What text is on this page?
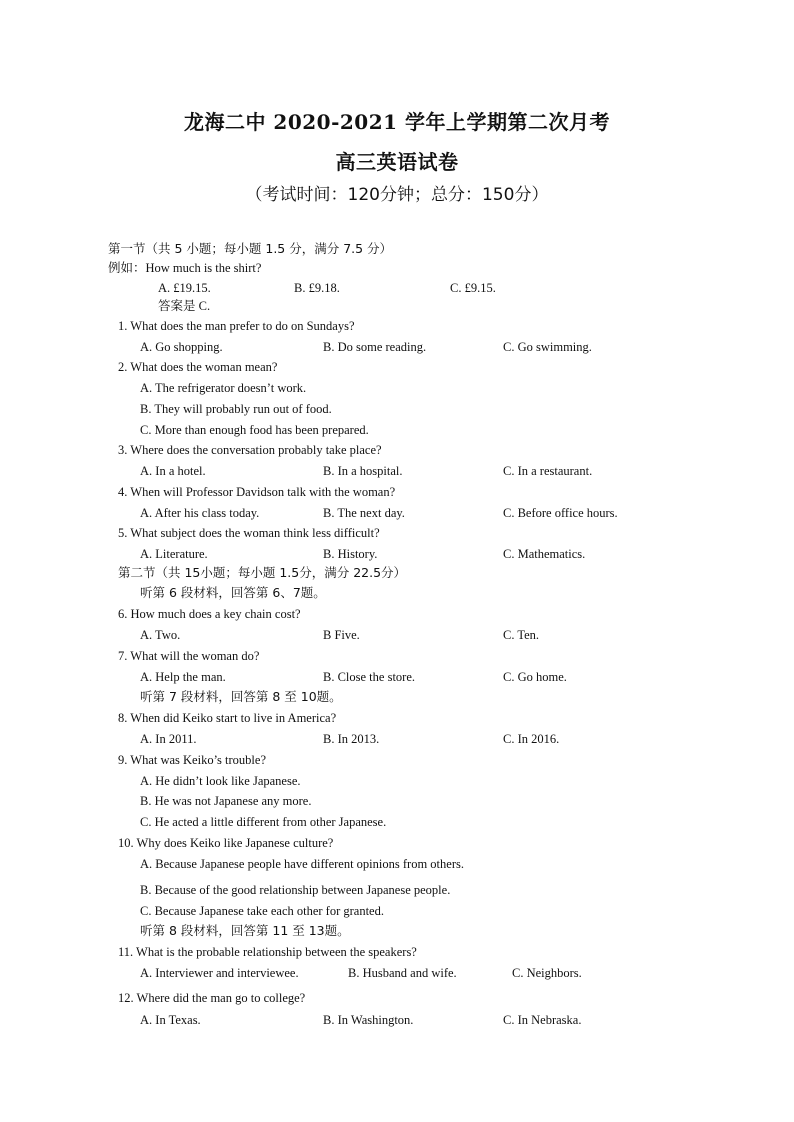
龙海二中 2020-2021 学年上学期第二次月考
高三英语试卷
（考试时间：120分钟；总分：150分）
第一节（共 5 小题；每小题 1.5 分，满分 7.5 分）
例如：How much is the shirt?
A. £19.15.	B. £9.18.	C. £9.15.
答案是 C.
1. What does the man prefer to do on Sundays?
A. Go shopping.	B. Do some reading.	C. Go swimming.
2. What does the woman mean?
A. The refrigerator doesn’t work.
B. They will probably run out of food.
C. More than enough food has been prepared.
3. Where does the conversation probably take place?
A. In a hotel.	B. In a hospital.	C. In a restaurant.
4. When will Professor Davidson talk with the woman?
A. After his class today.	B. The next day.	C. Before office hours.
5. What subject does the woman think less difficult?
A. Literature.	B. History.	C. Mathematics.
第二节（共 15小题；每小题 1.5分，满分 22.5分）
听第 6 段材料，回答第 6、7题。
6. How much does a key chain cost?
A. Two.	B Five.	C. Ten.
7. What will the woman do?
A. Help the man.	B. Close the store.	C. Go home.
听第 7 段材料，回答第 8 至 10题。
8. When did Keiko start to live in America?
A. In 2011.	B. In 2013.	C. In 2016.
9. What was Keiko’s trouble?
A. He didn’t look like Japanese.
B. He was not Japanese any more.
C. He acted a little different from other Japanese.
10. Why does Keiko like Japanese culture?
A. Because Japanese people have different opinions from others.
B. Because of the good relationship between Japanese people.
C. Because Japanese take each other for granted.
听第 8 段材料，回答第 11 至 13题。
11. What is the probable relationship between the speakers?
A. Interviewer and interviewee.	B. Husband and wife.	C. Neighbors.
12. Where did the man go to college?
A. In Texas.	B. In Washington.	C. In Nebraska.
